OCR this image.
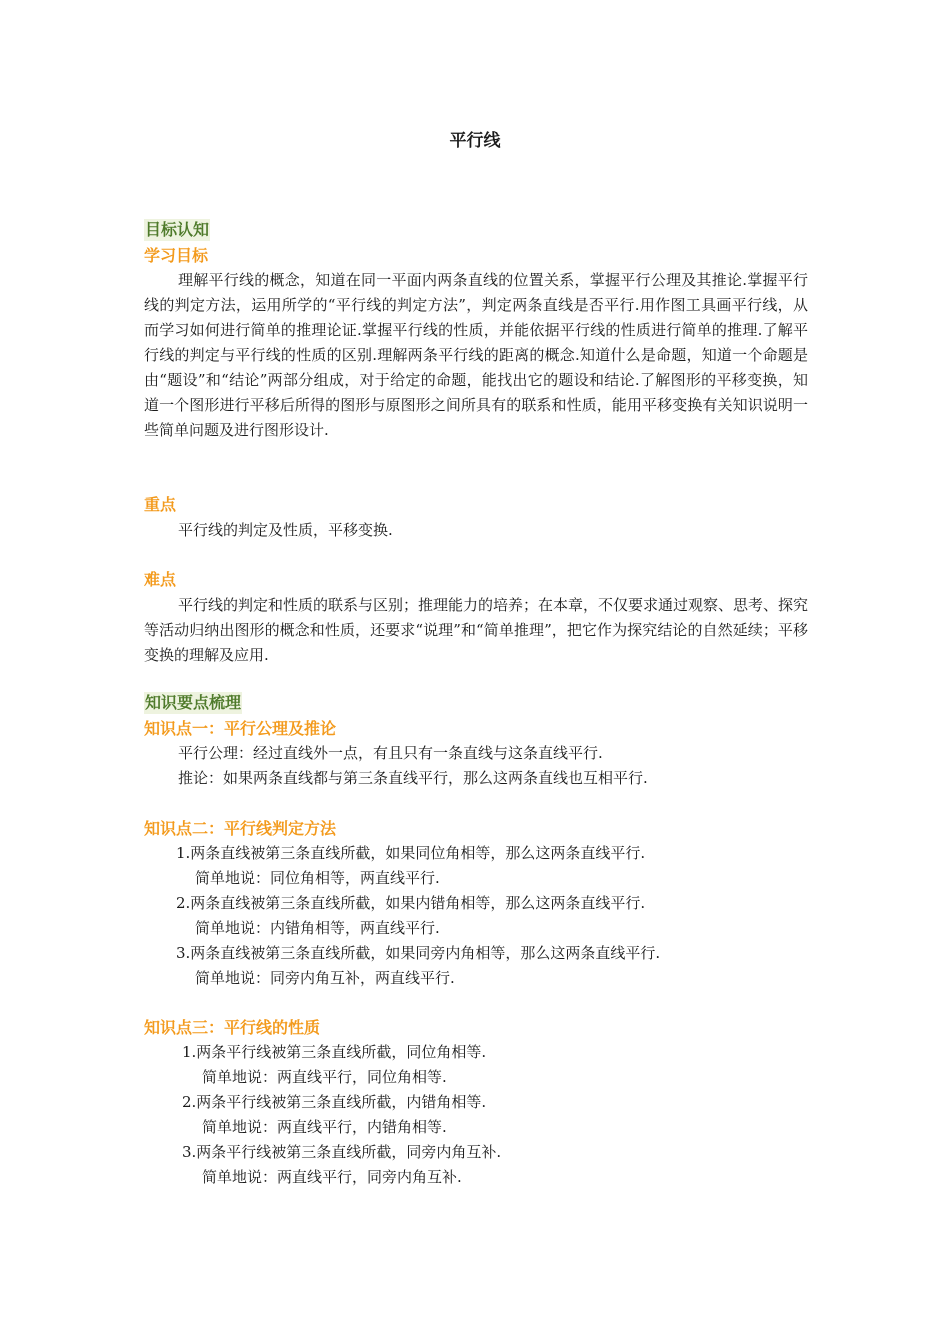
平行线
目标认知
学习目标
理解平行线的概念，知道在同一平面内两条直线的位置关系，掌握平行公理及其推论.掌握平行线的判定方法，运用所学的“平行线的判定方法”，判定两条直线是否平行.用作图工具画平行线，从而学习如何进行简单的推理论证.掌握平行线的性质，并能依据平行线的性质进行简单的推理.了解平行线的判定与平行线的性质的区别.理解两条平行线的距离的概念.知道什么是命题，知道一个命题是由“题设”和“结论”两部分组成，对于给定的命题，能找出它的题设和结论.了解图形的平移变换，知道一个图形进行平移后所得的图形与原图形之间所具有的联系和性质，能用平移变换有关知识说明一些简单问题及进行图形设计.
重点
平行线的判定及性质，平移变换.
难点
平行线的判定和性质的联系与区别；推理能力的培养；在本章，不仅要求通过观察、思考、探究等活动归纳出图形的概念和性质，还要求“说理”和“简单推理”，把它作为探究结论的自然延续；平移变换的理解及应用.
知识要点梳理
知识点一：平行公理及推论
平行公理：经过直线外一点，有且只有一条直线与这条直线平行.
推论：如果两条直线都与第三条直线平行，那么这两条直线也互相平行.
知识点二：平行线判定方法
1.两条直线被第三条直线所截，如果同位角相等，那么这两条直线平行.
简单地说：同位角相等，两直线平行.
2.两条直线被第三条直线所截，如果内错角相等，那么这两条直线平行.
简单地说：内错角相等，两直线平行.
3.两条直线被第三条直线所截，如果同旁内角相等，那么这两条直线平行.
简单地说：同旁内角互补，两直线平行.
知识点三：平行线的性质
1.两条平行线被第三条直线所截，同位角相等.
简单地说：两直线平行，同位角相等.
2.两条平行线被第三条直线所截，内错角相等.
简单地说：两直线平行，内错角相等.
3.两条平行线被第三条直线所截，同旁内角互补.
简单地说：两直线平行，同旁内角互补.
